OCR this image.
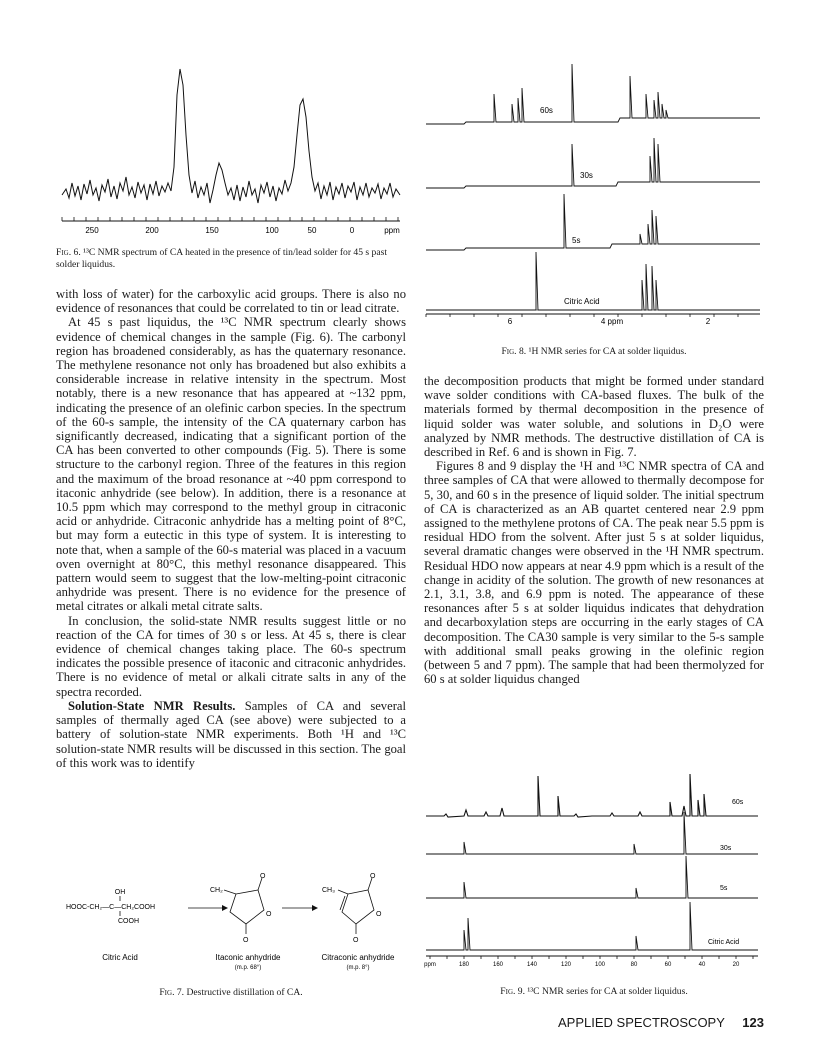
250	200	150	100	50	0	ppm
Fig. 6. ¹³C NMR spectrum of CA heated in the presence of tin/lead solder for 45 s past solder liquidus.

with loss of water) for the carboxylic acid groups. There is also no evidence of resonances that could be correlated to tin or lead citrate.

At 45 s past liquidus, the ¹³C NMR spectrum clearly shows evidence of chemical changes in the sample (Fig. 6). The carbonyl region has broadened considerably, as has the quaternary resonance. The methylene resonance not only has broadened but also exhibits a considerable increase in relative intensity in the spectrum. Most notably, there is a new resonance that has appeared at ~132 ppm, indicating the presence of an olefinic carbon species. In the spectrum of the 60-s sample, the intensity of the CA quaternary carbon has significantly decreased, indicating that a significant portion of the CA has been converted to other compounds (Fig. 5). There is some structure to the carbonyl region. Three of the features in this region and the maximum of the broad resonance at ~40 ppm correspond to itaconic anhydride (see below). In addition, there is a resonance at 10.5 ppm which may correspond to the methyl group in citraconic acid or anhydride. Citraconic anhydride has a melting point of 8°C, but may form a eutectic in this type of system. It is interesting to note that, when a sample of the 60-s material was placed in a vacuum oven overnight at 80°C, this methyl resonance disappeared. This pattern would seem to suggest that the low-melting-point citraconic anhydride was present. There is no evidence for the presence of metal citrates or alkali metal citrate salts.

In conclusion, the solid-state NMR results suggest little or no reaction of the CA for times of 30 s or less. At 45 s, there is clear evidence of chemical changes taking place. The 60-s spectrum indicates the possible presence of itaconic and citraconic anhydrides. There is no evidence of metal or alkali citrate salts in any of the spectra recorded.

Solution-State NMR Results. Samples of CA and several samples of thermally aged CA (see above) were subjected to a battery of solution-state NMR experiments. Both ¹H and ¹³C solution-state NMR results will be discussed in this section. The goal of this work was to identify

OH
HOOC-CH₂—C—CH₂COOH
COOH
CH₂
O
O
O
CH₃
O
O
O
Citric Acid	Itaconic anhydride	Citraconic anhydride
(m.p. 68°)	(m.p. 8°)
Fig. 7. Destructive distillation of CA.
60s
30s
5s
Citric Acid
6	4 ppm	2
Fig. 8. ¹H NMR series for CA at solder liquidus.

the decomposition products that might be formed under standard wave solder conditions with CA-based fluxes. The bulk of the materials formed by thermal decomposition in the presence of liquid solder was water soluble, and solutions in D₂O were analyzed by NMR methods. The destructive distillation of CA is described in Ref. 6 and is shown in Fig. 7.

Figures 8 and 9 display the ¹H and ¹³C NMR spectra of CA and three samples of CA that were allowed to thermally decompose for 5, 30, and 60 s in the presence of liquid solder. The initial spectrum of CA is characterized as an AB quartet centered near 2.9 ppm assigned to the methylene protons of CA. The peak near 5.5 ppm is residual HDO from the solvent. After just 5 s at solder liquidus, several dramatic changes were observed in the ¹H NMR spectrum. Residual HDO now appears at near 4.9 ppm which is a result of the change in acidity of the solution. The growth of new resonances at 2.1, 3.1, 3.8, and 6.9 ppm is noted. The appearance of these resonances after 5 s at solder liquidus indicates that dehydration and decarboxylation steps are occurring in the early stages of CA decomposition. The CA30 sample is very similar to the 5-s sample with additional small peaks growing in the olefinic region (between 5 and 7 ppm). The sample that had been thermolyzed for 60 s at solder liquidus changed

60s
30s
5s
Citric Acid
ppm	180	160	140	120	100	80	60	40	20
Fig. 9. ¹³C NMR series for CA at solder liquidus.
APPLIED SPECTROSCOPY 123
